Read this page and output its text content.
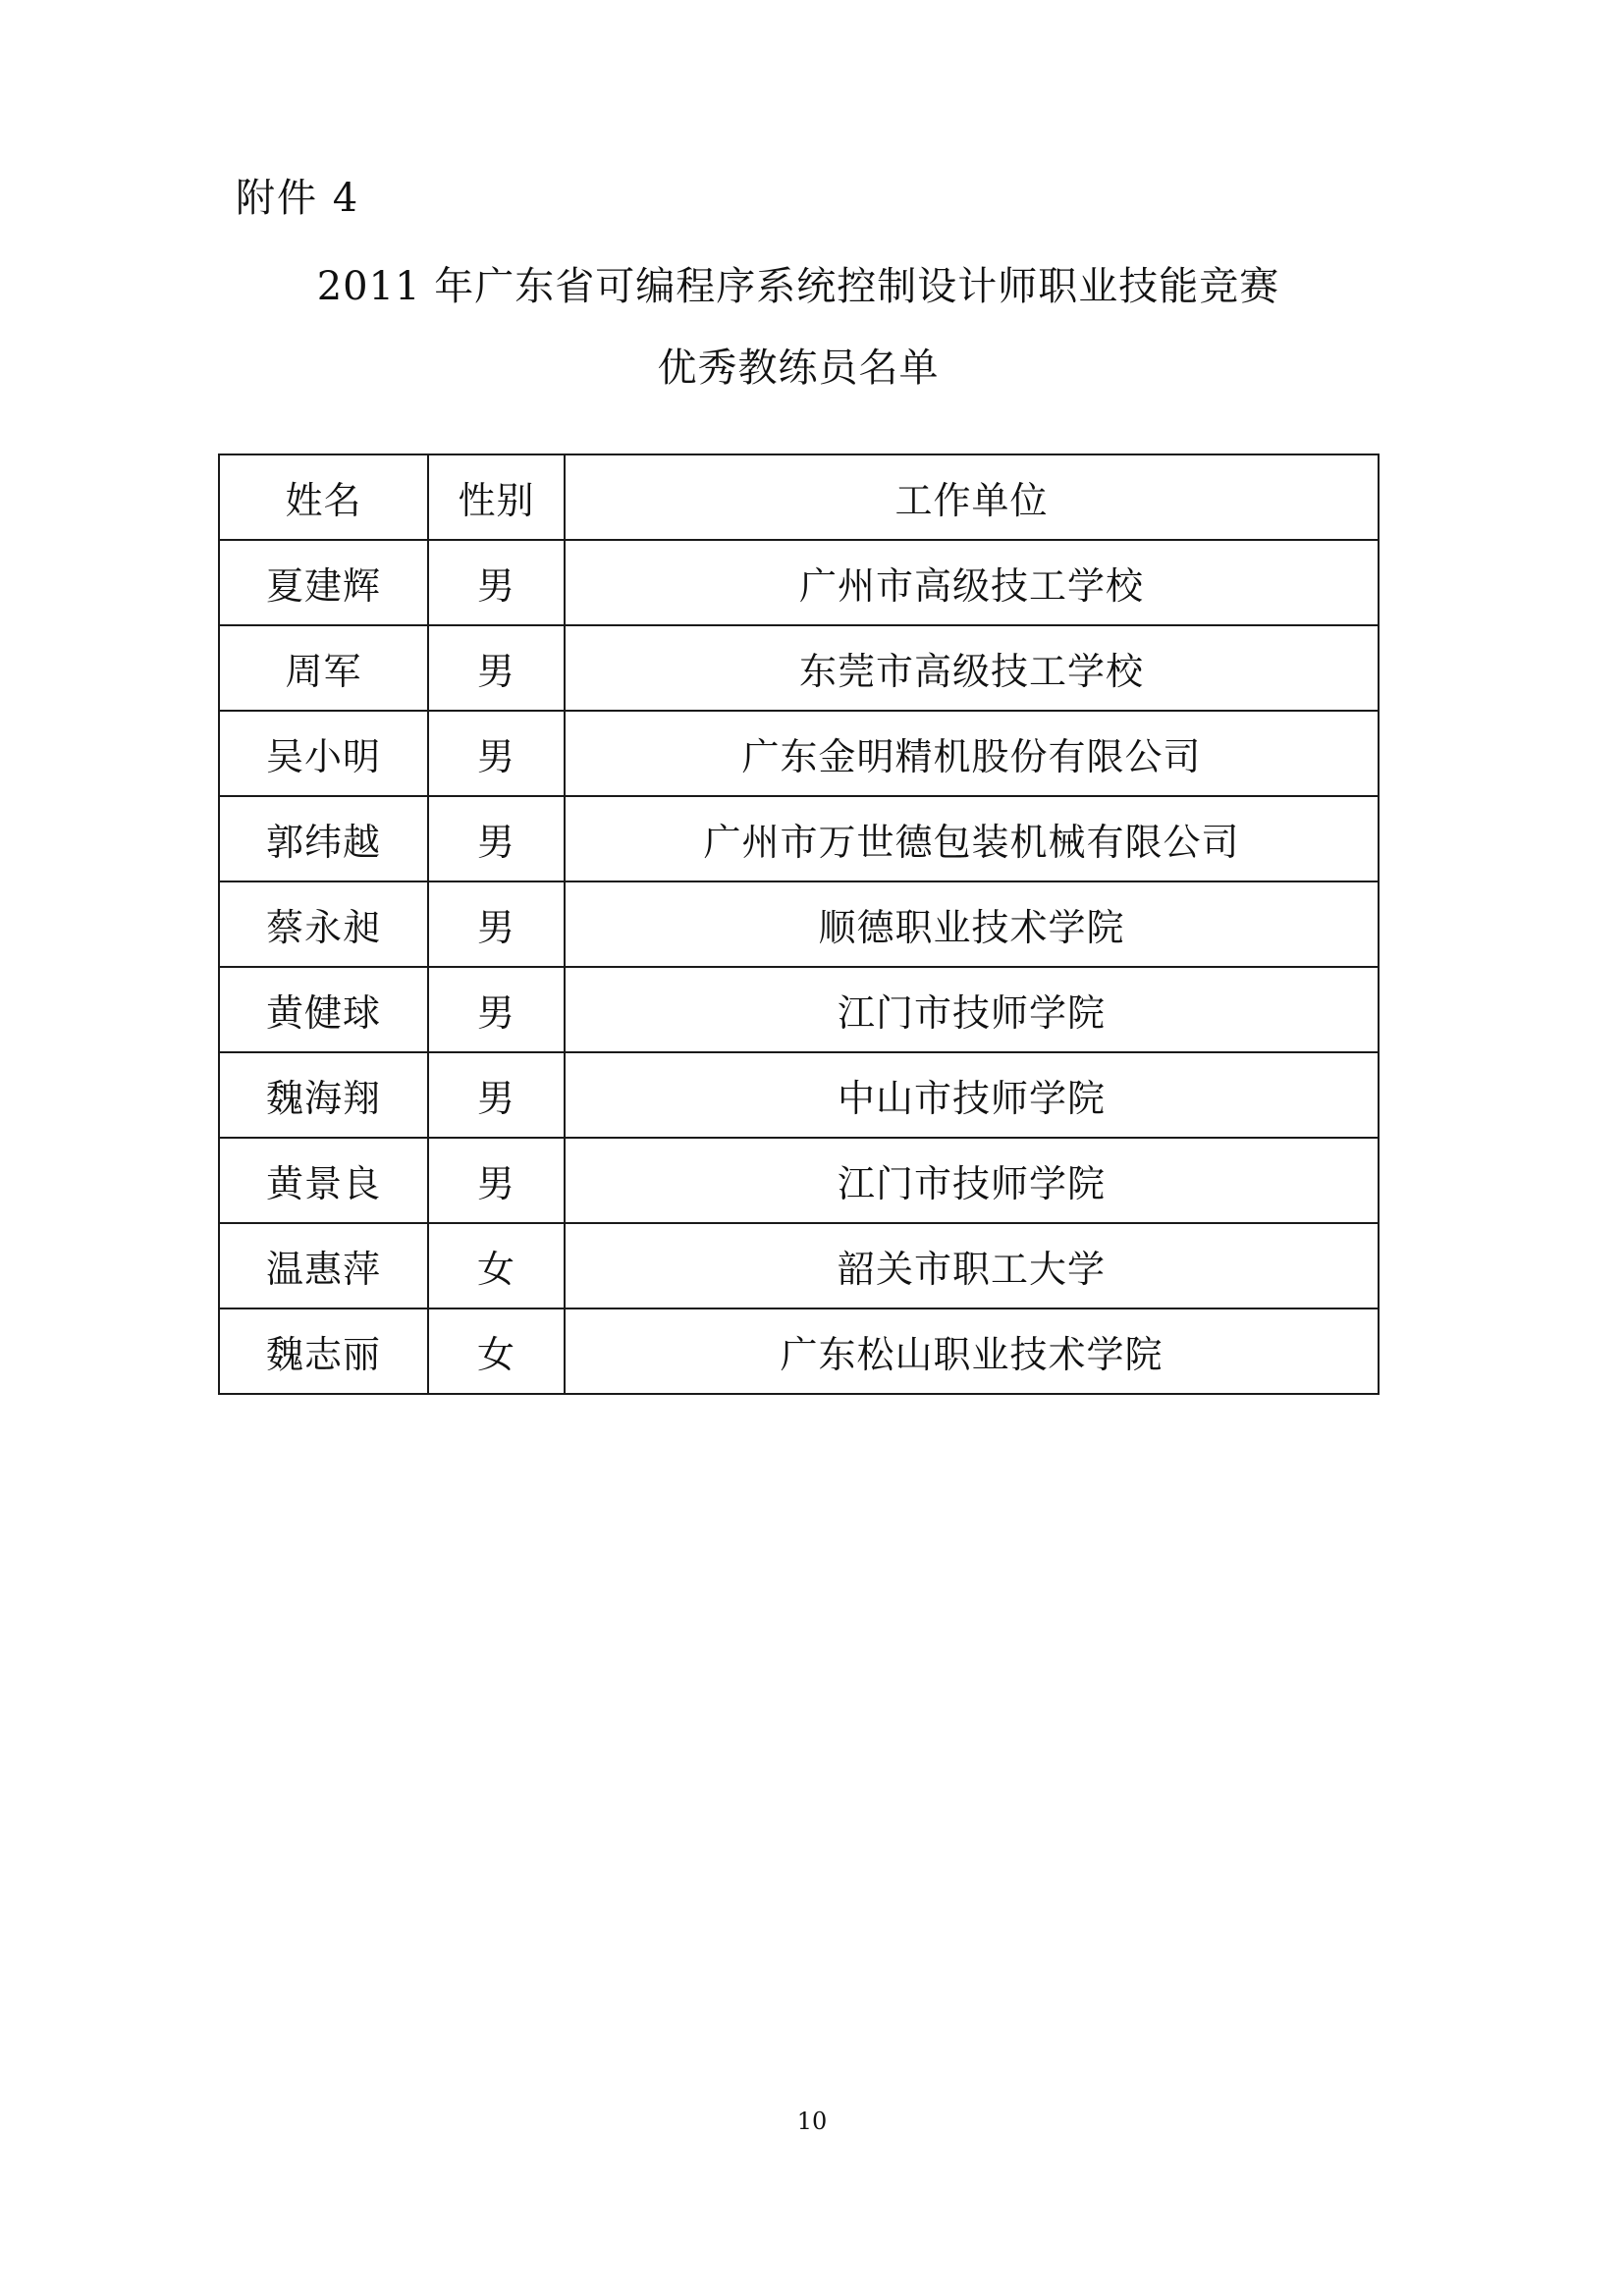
附件 4
2011 年广东省可编程序系统控制设计师职业技能竞赛
优秀教练员名单
姓名	性别	工作单位
夏建辉	男	广州市高级技工学校
周军	男	东莞市高级技工学校
吴小明	男	广东金明精机股份有限公司
郭纬越	男	广州市万世德包装机械有限公司
蔡永昶	男	顺德职业技术学院
黄健球	男	江门市技师学院
魏海翔	男	中山市技师学院
黄景良	男	江门市技师学院
温惠萍	女	韶关市职工大学
魏志丽	女	广东松山职业技术学院
10
